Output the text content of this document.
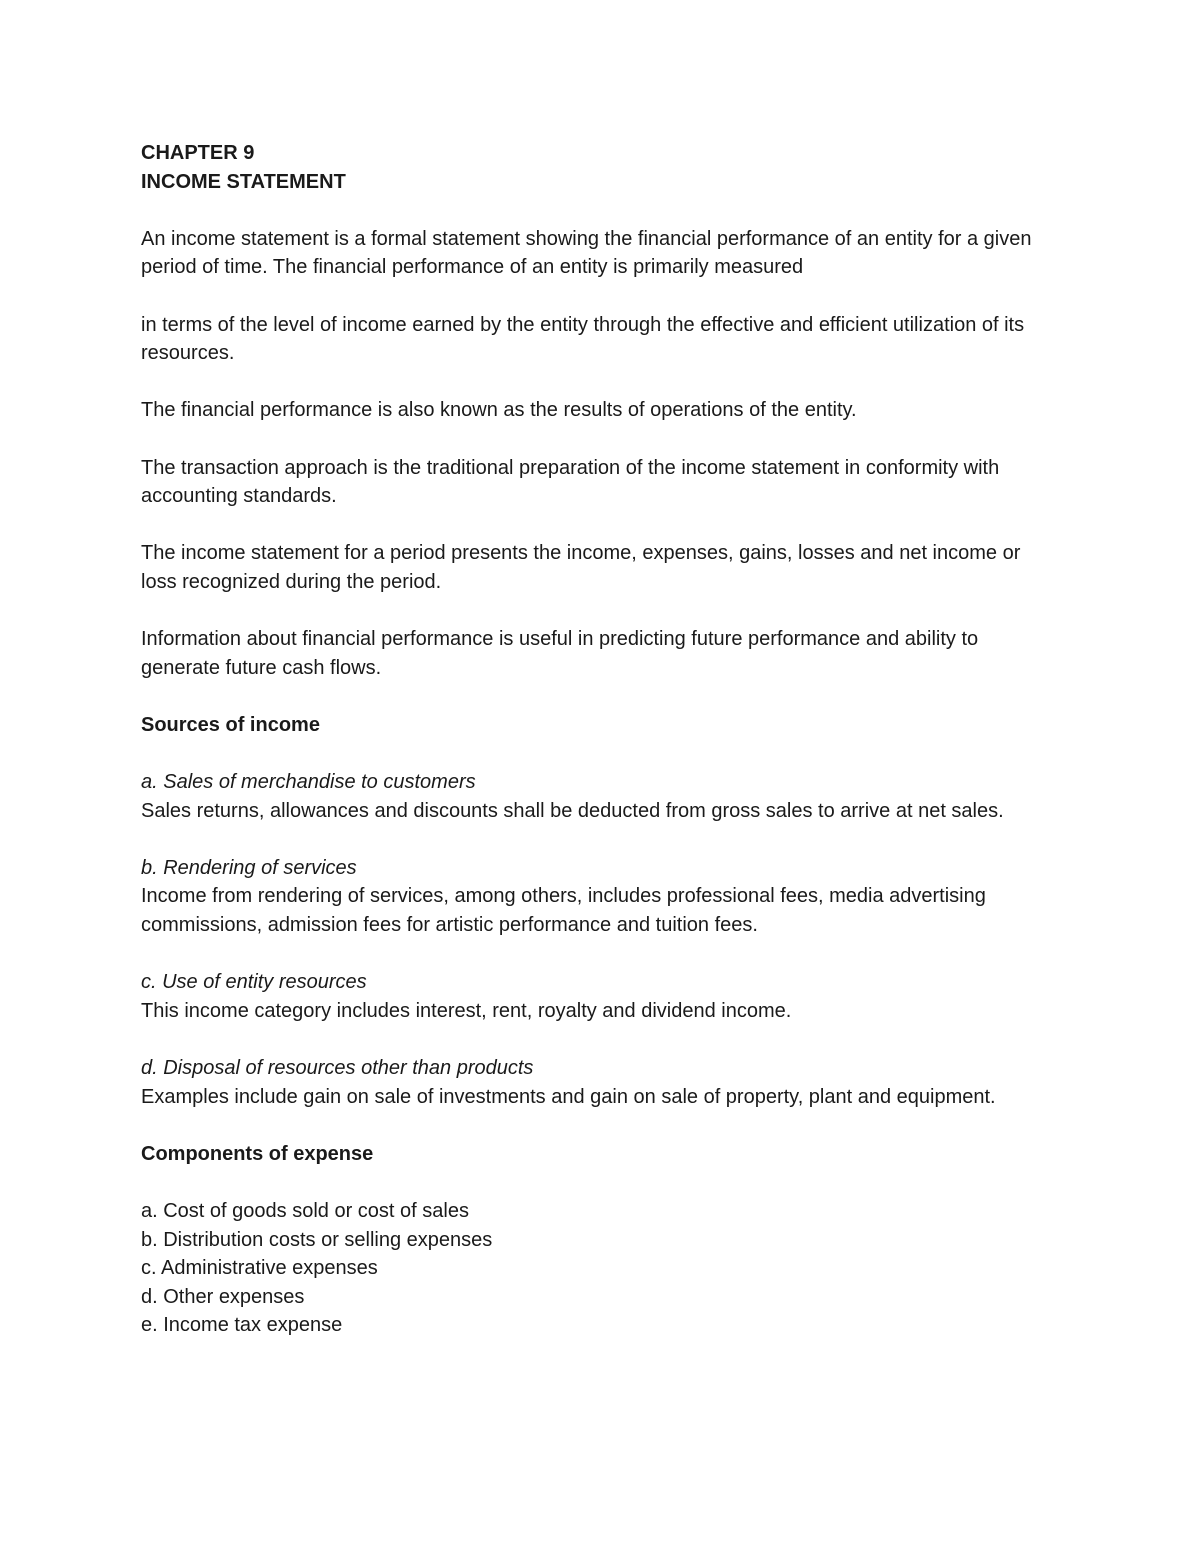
CHAPTER 9

INCOME STATEMENT

An income statement is a formal statement showing the financial performance of an entity for a given period of time. The financial performance of an entity is primarily measured

in terms of the level of income earned by the entity through the effective and efficient utilization of its resources.

The financial performance is also known as the results of operations of the entity.

The transaction approach is the traditional preparation of the income statement in conformity with accounting standards.

The income statement for a period presents the income, expenses, gains, losses and net income or loss recognized during the period.

Information about financial performance is useful in predicting future performance and ability to generate future cash flows.

Sources of income

a. Sales of merchandise to customers

Sales returns, allowances and discounts shall be deducted from gross sales to arrive at net sales.

b. Rendering of services

Income from rendering of services, among others, includes professional fees, media advertising commissions, admission fees for artistic performance and tuition fees.

c. Use of entity resources

This income category includes interest, rent, royalty and dividend income.

d. Disposal of resources other than products

Examples include gain on sale of investments and gain on sale of property, plant and equipment.

Components of expense

a. Cost of goods sold or cost of sales

b. Distribution costs or selling expenses

c. Administrative expenses

d. Other expenses

e. Income tax expense
